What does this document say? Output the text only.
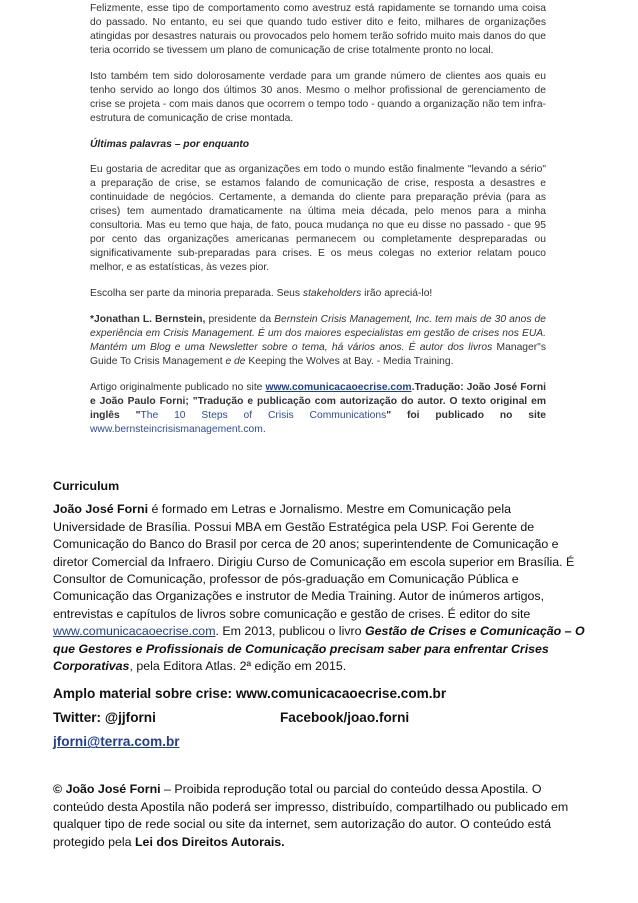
Felizmente, esse tipo de comportamento como avestruz está rapidamente se tornando uma coisa do passado. No entanto, eu sei que quando tudo estiver dito e feito, milhares de organizações atingidas por desastres naturais ou provocados pelo homem terão sofrido muito mais danos do que teria ocorrido se tivessem um plano de comunicação de crise totalmente pronto no local.

Isto também tem sido dolorosamente verdade para um grande número de clientes aos quais eu tenho servido ao longo dos últimos 30 anos. Mesmo o melhor profissional de gerenciamento de crise se projeta - com mais danos que ocorrem o tempo todo - quando a organização não tem infra-estrutura de comunicação de crise montada.

Últimas palavras – por enquanto

Eu gostaria de acreditar que as organizações em todo o mundo estão finalmente "levando a sério" a preparação de crise, se estamos falando de comunicação de crise, resposta a desastres e continuidade de negócios. Certamente, a demanda do cliente para preparação prévia (para as crises) tem aumentado dramaticamente na última meia década, pelo menos para a minha consultoria. Mas eu temo que haja, de fato, pouca mudança no que eu disse no passado - que 95 por cento das organizações americanas permanecem ou completamente despreparadas ou significativamente sub-preparadas para crises. E os meus colegas no exterior relatam pouco melhor, e as estatísticas, às vezes pior.

Escolha ser parte da minoria preparada. Seus stakeholders irão apreciá-lo!

*Jonathan L. Bernstein, presidente da Bernstein Crisis Management, Inc. tem mais de 30 anos de experiência em Crisis Management. É um dos maiores especialistas em gestão de crises nos EUA. Mantém um Blog e uma Newsletter sobre o tema, há vários anos. É autor dos livros Manager"s Guide To Crisis Management e de Keeping the Wolves at Bay. - Media Training.

Artigo originalmente publicado no site www.comunicacaoecrise.com.Tradução: João José Forni e João Paulo Forni; "Tradução e publicação com autorização do autor. O texto original em inglês "The 10 Steps of Crisis Communications" foi publicado no site www.bernsteincrisismanagement.com.

Curriculum

João José Forni é formado em Letras e Jornalismo. Mestre em Comunicação pela Universidade de Brasília. Possui MBA em Gestão Estratégica pela USP. Foi Gerente de Comunicação do Banco do Brasil por cerca de 20 anos; superintendente de Comunicação e diretor Comercial da Infraero. Dirigiu Curso de Comunicação em escola superior em Brasília. É Consultor de Comunicação, professor de pós-graduação em Comunicação Pública e Comunicação das Organizações e instrutor de Media Training. Autor de inúmeros artigos, entrevistas e capítulos de livros sobre comunicação e gestão de crises. É editor do site www.comunicacaoecrise.com. Em 2013, publicou o livro Gestão de Crises e Comunicação – O que Gestores e Profissionais de Comunicação precisam saber para enfrentar Crises Corporativas, pela Editora Atlas. 2ª edição em 2015.

Amplo material sobre crise: www.comunicacaoecrise.com.br
Twitter: @jjforni	Facebook/joao.forni
jforni@terra.com.br

© João José Forni – Proibida reprodução total ou parcial do conteúdo dessa Apostila. O conteúdo desta Apostila não poderá ser impresso, distribuído, compartilhado ou publicado em qualquer tipo de rede social ou site da internet, sem autorização do autor. O conteúdo está protegido pela Lei dos Direitos Autorais.
